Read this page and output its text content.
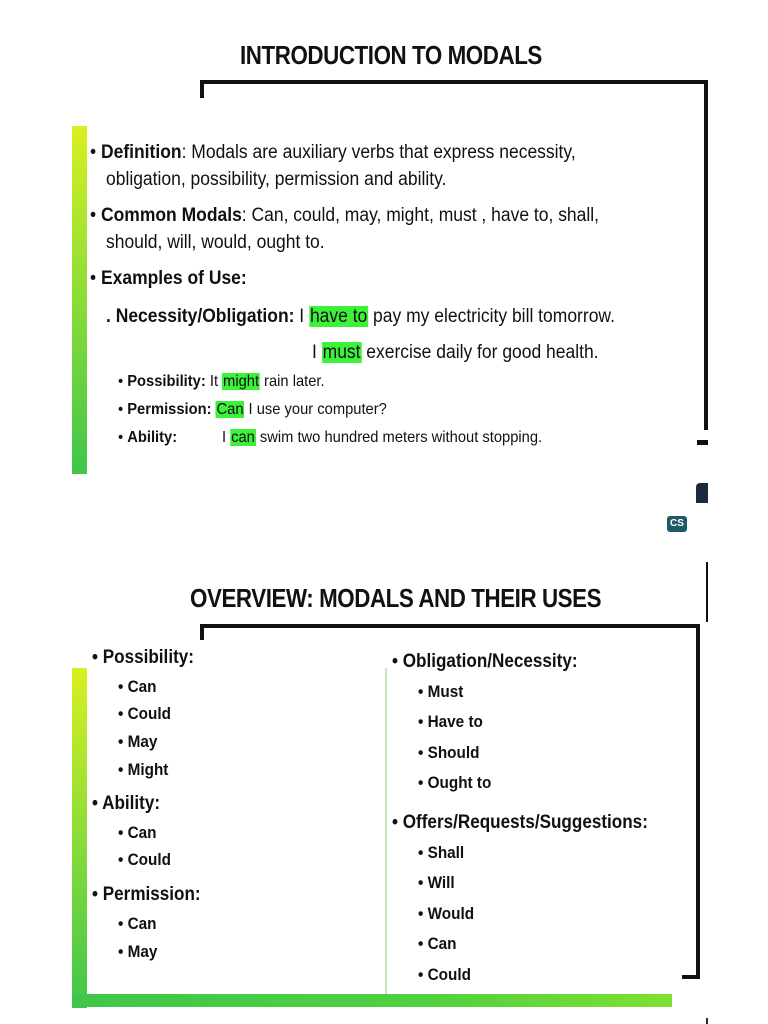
INTRODUCTION TO MODALS
• Definition: Modals are auxiliary verbs that express necessity,
obligation, possibility, permission and ability.
• Common Modals: Can, could, may, might, must , have to, shall,
should, will, would, ought to.
• Examples of Use:
. Necessity/Obligation: I have to pay my electricity bill tomorrow.
I must exercise daily for good health.
• Possibility: It might rain later.
• Permission: Can I use your computer?
• Ability:	I can swim two hundred meters without stopping.
CS
OVERVIEW: MODALS AND THEIR USES
• Possibility:
• Can
• Could
• May
• Might
• Ability:
• Can
• Could
• Permission:
• Can
• May
• Obligation/Necessity:
• Must
• Have to
• Should
• Ought to
• Offers/Requests/Suggestions:
• Shall
• Will
• Would
• Can
• Could
